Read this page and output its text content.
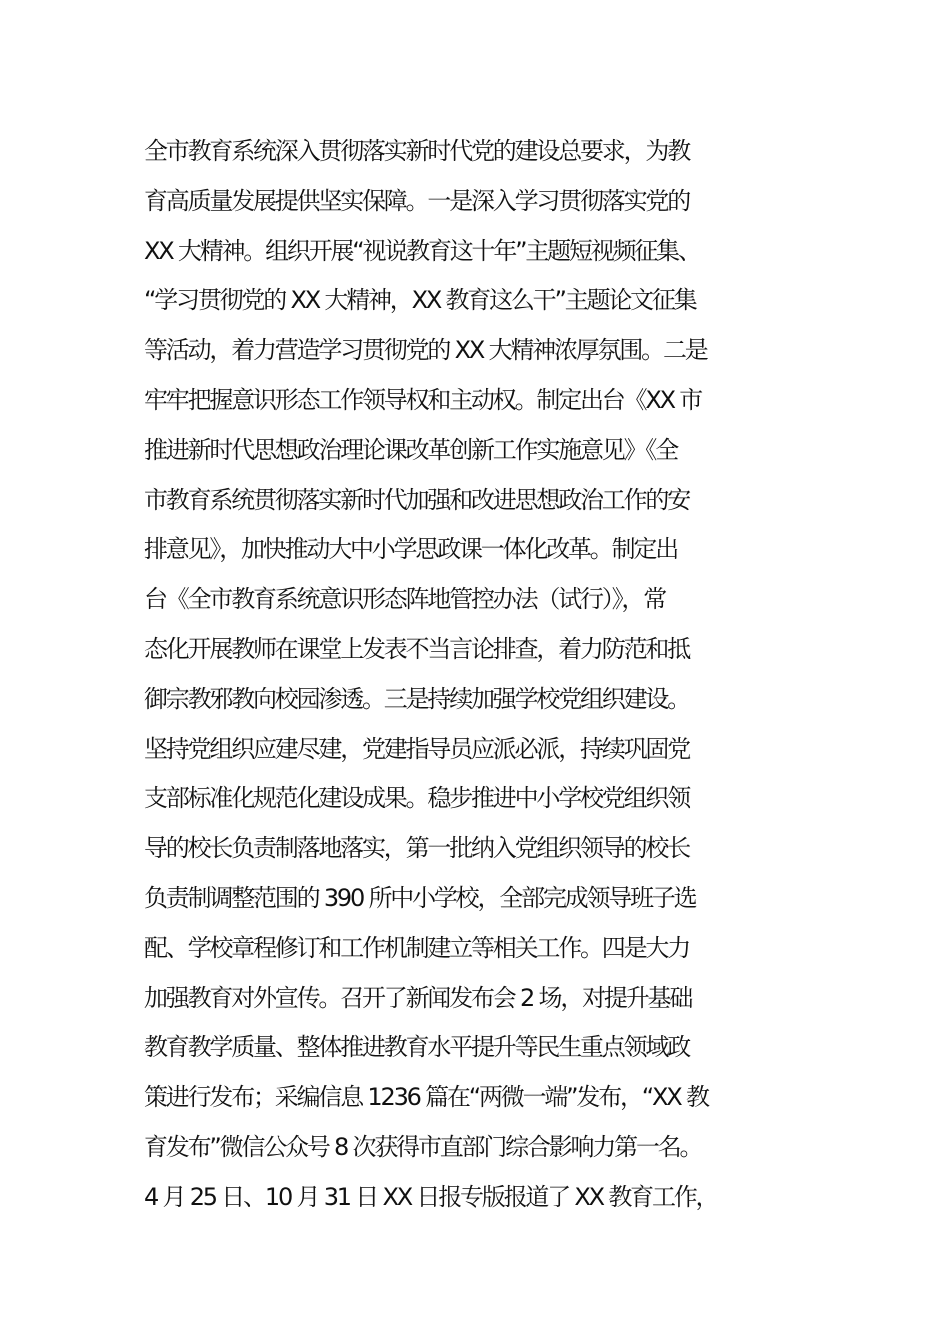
全市教育系统深入贯彻落实新时代党的建设总要求，为教
育高质量发展提供坚实保障。一是深入学习贯彻落实党的
XX 大精神。组织开展“视说教育这十年”主题短视频征集、
“学习贯彻党的 XX 大精神，XX 教育这么干”主题论文征集
等活动，着力营造学习贯彻党的 XX 大精神浓厚氛围。二是
牢牢把握意识形态工作领导权和主动权。制定出台《XX 市
推进新时代思想政治理论课改革创新工作实施意见》《全
市教育系统贯彻落实新时代加强和改进思想政治工作的安
排意见》，加快推动大中小学思政课一体化改革。制定出
台《全市教育系统意识形态阵地管控办法（试行）》，常
态化开展教师在课堂上发表不当言论排查，着力防范和抵
御宗教邪教向校园渗透。三是持续加强学校党组织建设。
坚持党组织应建尽建，党建指导员应派必派，持续巩固党
支部标准化规范化建设成果。稳步推进中小学校党组织领
导的校长负责制落地落实，第一批纳入党组织领导的校长
负责制调整范围的 390 所中小学校，全部完成领导班子选
配、学校章程修订和工作机制建立等相关工作。四是大力
加强教育对外宣传。召开了新闻发布会 2 场，对提升基础
教育教学质量、整体推进教育水平提升等民生重点领域政
策进行发布；采编信息 1236 篇在“两微一端”发布，“XX 教
育发布”微信公众号 8 次获得市直部门综合影响力第一名。
4 月 25 日、10 月 31 日 XX 日报专版报道了 XX 教育工作，
